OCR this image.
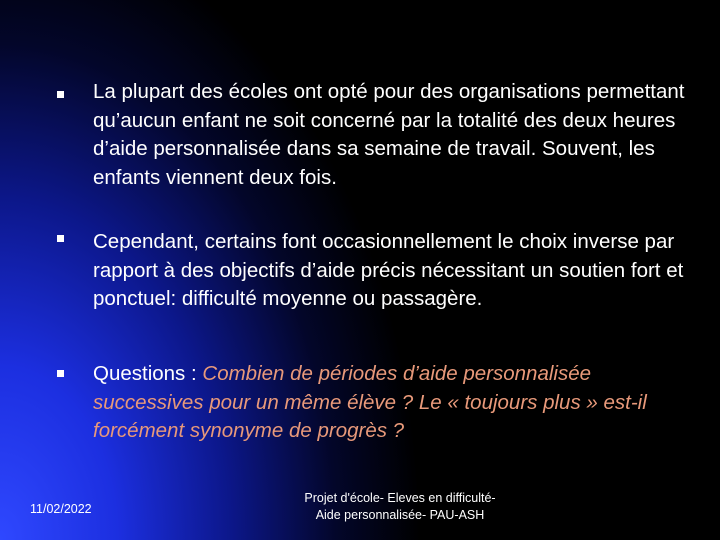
La plupart des écoles ont opté pour des organisations permettant qu’aucun enfant ne soit concerné par la totalité des deux heures d’aide personnalisée dans sa semaine de travail. Souvent, les enfants viennent deux fois.
Cependant, certains font occasionnellement le choix inverse par rapport à des objectifs d’aide précis nécessitant un soutien fort et ponctuel: difficulté moyenne ou passagère.
Questions : Combien de périodes d’aide personnalisée successives pour un même élève ? Le « toujours plus » est-il forcément synonyme de progrès ?
11/02/2022
Projet d'école- Eleves en difficulté-
Aide personnalisée- PAU-ASH
